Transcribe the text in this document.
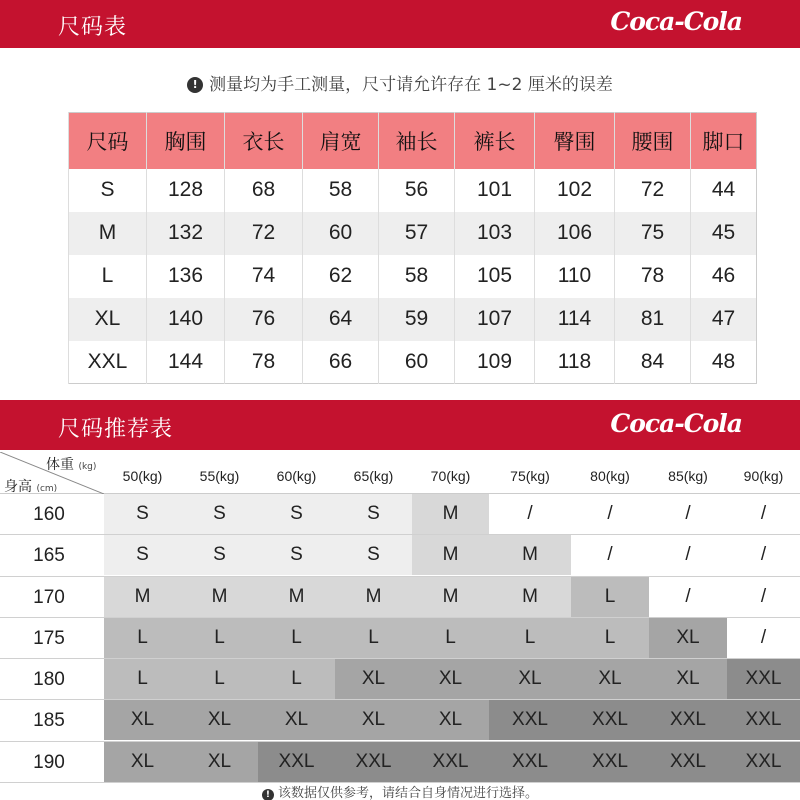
尺码表	Coca-Cola
! 测量均为手工测量，尺寸请允许存在 1~2 厘米的误差
尺码	胸围	衣长	肩宽	袖长	裤长	臀围	腰围	脚口
S	128	68	58	56	101	102	72	44
M	132	72	60	57	103	106	75	45
L	136	74	62	58	105	110	78	46
XL	140	76	64	59	107	114	81	47
XXL	144	78	66	60	109	118	84	48
尺码推荐表	Coca-Cola
体重 (kg)
身高 (cm)
50(kg)	55(kg)	60(kg)	65(kg)	70(kg)	75(kg)	80(kg)	85(kg)	90(kg)
160	S	S	S	S	M	/	/	/	/
165	S	S	S	S	M	M	/	/	/
170	M	M	M	M	M	M	L	/	/
175	L	L	L	L	L	L	L	XL	/
180	L	L	L	XL	XL	XL	XL	XL	XXL
185	XL	XL	XL	XL	XL	XXL	XXL	XXL	XXL
190	XL	XL	XXL	XXL	XXL	XXL	XXL	XXL	XXL
! 该数据仅供参考，请结合自身情况进行选择。
